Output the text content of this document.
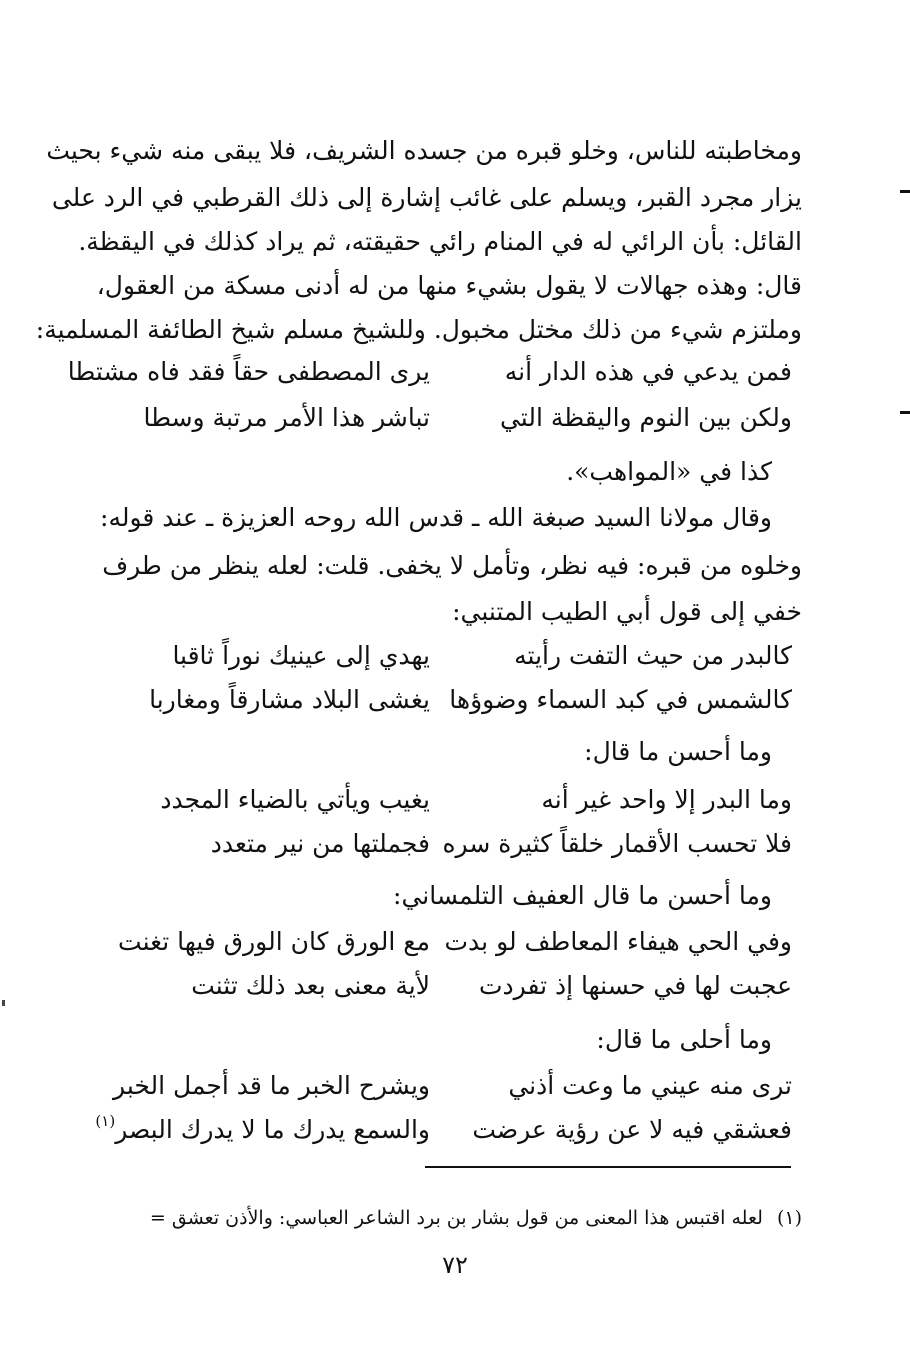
ومخاطبته للناس، وخلو قبره من جسده الشريف، فلا يبقى منه شيء بحيث
يزار مجرد القبر، ويسلم على غائب إشارة إلى ذلك القرطبي في الرد على
القائل: بأن الرائي له في المنام رائي حقيقته، ثم يراد كذلك في اليقظة.
قال: وهذه جهالات لا يقول بشيء منها من له أدنى مسكة من العقول،
وملتزم شيء من ذلك مختل مخبول. وللشيخ مسلم شيخ الطائفة المسلمية:
فمن يدعي في هذه الدار أنه
يرى المصطفى حقاً فقد فاه مشتطا
ولكن بين النوم واليقظة التي
تباشر هذا الأمر مرتبة وسطا
كذا في «المواهب».
وقال مولانا السيد صبغة الله ـ قدس الله روحه العزيزة ـ عند قوله:
وخلوه من قبره: فيه نظر، وتأمل لا يخفى. قلت: لعله ينظر من طرف
خفي إلى قول أبي الطيب المتنبي:
كالبدر من حيث التفت رأيته
يهدي إلى عينيك نوراً ثاقبا
كالشمس في كبد السماء وضوؤها
يغشى البلاد مشارقاً ومغاربا
وما أحسن ما قال:
وما البدر إلا واحد غير أنه
يغيب ويأتي بالضياء المجدد
فلا تحسب الأقمار خلقاً كثيرة سره
فجملتها من نير متعدد
وما أحسن ما قال العفيف التلمساني:
وفي الحي هيفاء المعاطف لو بدت
مع الورق كان الورق فيها تغنت
عجبت لها في حسنها إذ تفردت
لأية معنى بعد ذلك تثنت
وما أحلى ما قال:
ترى منه عيني ما وعت أذني
ويشرح الخبر ما قد أجمل الخبر
فعشقي فيه لا عن رؤية عرضت
والسمع يدرك ما لا يدرك البصر$^{(١)}$
(١)لعله اقتبس هذا المعنى من قول بشار بن برد الشاعر العباسي: والأذن تعشق =
٧٢
